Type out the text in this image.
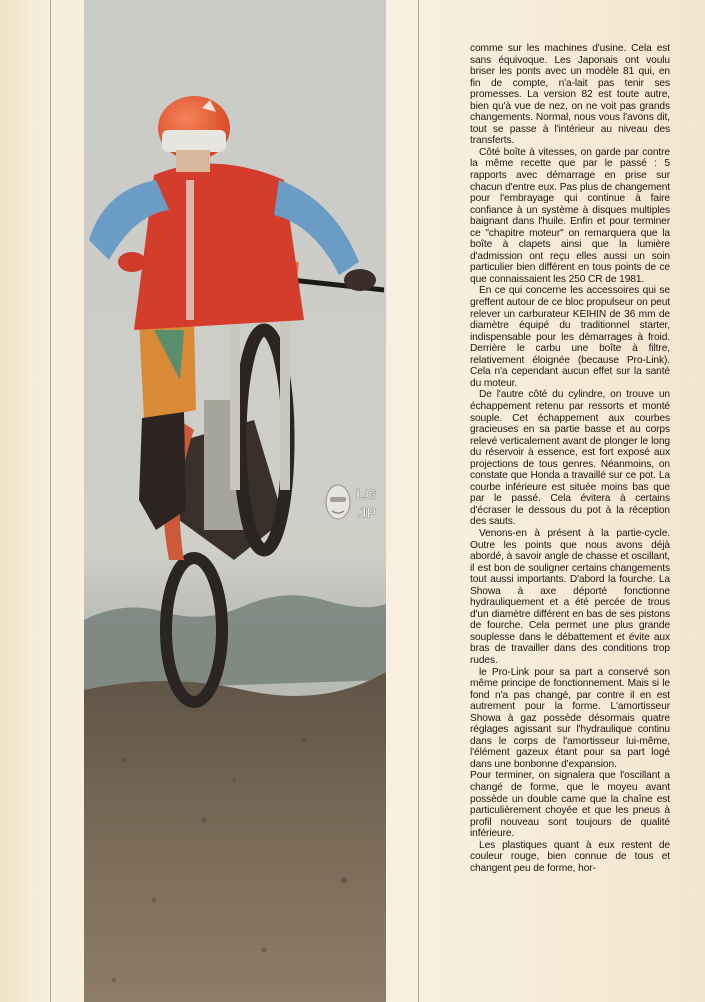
LG
JP

comme sur les machines d'usine. Cela est sans équivoque. Les Japonais ont voulu briser les ponts avec un modèle 81 qui, en fin de compte, n'a-lait pas tenir ses promesses. La version 82 est toute autre, bien qu'à vue de nez, on ne voit pas grands changements. Normal, nous vous l'avons dit, tout se passe à l'intérieur au niveau des transferts.

Côté boîte à vitesses, on garde par contre la même recette que par le passé : 5 rapports avec démarrage en prise sur chacun d'entre eux. Pas plus de changement pour l'embrayage qui continue à faire confiance à un système à disques multiples baignant dans l'huile. Enfin et pour terminer ce "chapitre moteur" on remarquera que la boîte à clapets ainsi que la lumière d'admission ont reçu elles aussi un soin particulier bien différent en tous points de ce que connaissaient les 250 CR de 1981.

En ce qui concerne les accessoires qui se greffent autour de ce bloc propulseur on peut relever un carburateur KEIHIN de 36 mm de diamètre équipé du traditionnel starter, indispensable pour les démarrages à froid. Derrière le carbu une boîte à filtre, relativement éloignée (because Pro-Link). Cela n'a cependant aucun effet sur la santé du moteur.

De l'autre côté du cylindre, on trouve un échappement retenu par ressorts et monté souple. Cet échappement aux courbes gracieuses en sa partie basse et au corps relevé verticalement avant de plonger le long du réservoir à essence, est fort exposé aux projections de tous genres. Néanmoins, on constate que Honda a travaillé sur ce pot. La courbe inférieure est située moins bas que par le passé. Cela évitera à certains d'écraser le dessous du pot à la réception des sauts.

Venons-en à présent à la partie-cycle. Outre les points que nous avons déjà abordé, à savoir angle de chasse et oscillant, il est bon de souligner certains changements tout aussi importants. D'abord la fourche. La Showa à axe déporté fonctionne hydrauliquement et a été percée de trous d'un diamètre différent en bas de ses pistons de fourche. Cela permet une plus grande souplesse dans le débattement et évite aux bras de travailler dans des conditions trop rudes.

le Pro-Link pour sa part a conservé son même principe de fonctionnement. Mais si le fond n'a pas changé, par contre il en est autrement pour la forme. L'amortisseur Showa à gaz possède désormais quatre réglages agissant sur l'hydraulique continu dans le corps de l'amortisseur lui-même, l'élément gazeux étant pour sa part logé dans une bonbonne d'expansion.

Pour terminer, on signalera que l'oscillant a changé de forme, que le moyeu avant possède un double came que la chaîne est particulièrement choyée et que les pneus à profil nouveau sont toujours de qualité inférieure.

Les plastiques quant à eux restent de couleur rouge, bien connue de tous et changent peu de forme, hor-
